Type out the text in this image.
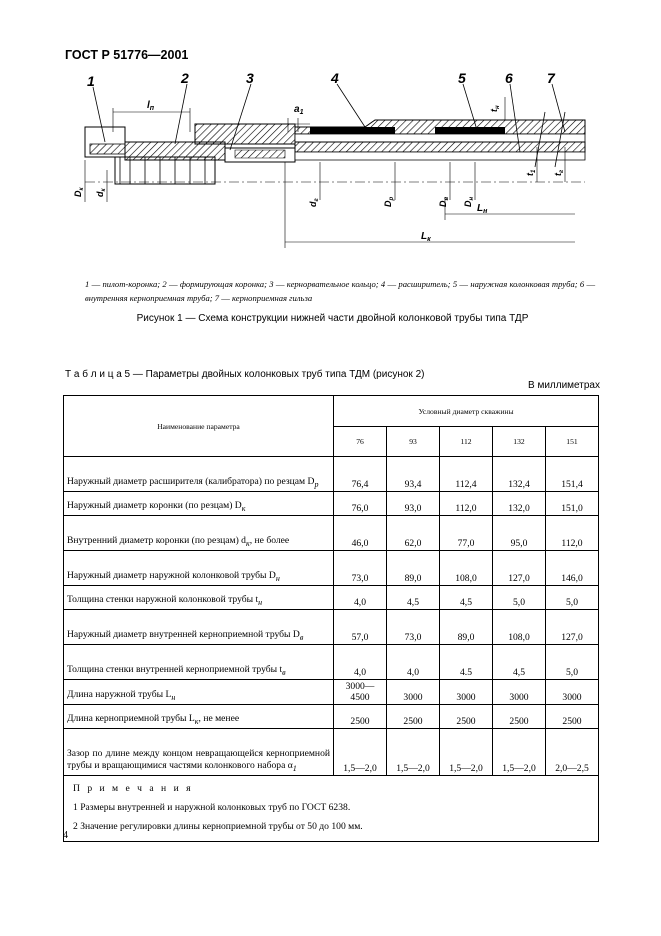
ГОСТ Р 51776—2001
1	2	3	4	5	6 7
$l_п$	$a_1$	$t_н$
$t_1$
$t_г$
$D_к$
$d_к$
$d_г$
$D_р$
$D_в$
$D_н$
$L_н$
$L_к$
1 — пилот-коронка; 2 — формирующая коронка; 3 — кернорвательное кольцо; 4 — расширитель; 5 — наружная колонковая труба; 6 — внутренняя кернoприемная труба; 7 — кернoприемная гильза
Рисунок 1 — Схема конструкции нижней части двойной колонковой трубы типа ТДР
Т а б л и ц а 5 — Параметры двойных колонковых труб типа ТДМ (рисунок 2)
В миллиметрах
Наименование параметра	Условный диаметр скважины				
	76	93	112	132	151
Наружный диаметр расширителя (калибратора) по резцам $D_р$	76,4	93,4	112,4	132,4	151,4
Наружный диаметр коронки (по резцам) $D_к$	76,0	93,0	112,0	132,0	151,0
Внутренний диаметр коронки (по резцам) $d_к$, не более	46,0	62,0	77,0	95,0	112,0
Наружный диаметр наружной колонковой трубы $D_н$	73,0	89,0	108,0	127,0	146,0
Толщина стенки наружной колонковой трубы $t_н$	4,0	4,5	4,5	5,0	5,0
Наружный диаметр внутренней кернoприемной трубы $D_в$	57,0	73,0	89,0	108,0	127,0
Толщина стенки внутренней кернoприемной трубы $t_в$	4,0	4,0	4.5	4,5	5,0
Длина наружной трубы $L_н$	3000—4500	3000	3000	3000	3000
Длина кернoприемной трубы $L_к$, не менее	2500	2500	2500	2500	2500
Зазор по длине между концом невращающейся кернoприемной трубы и вращающимися частями колонкового набора $\alpha_1$	1,5—2,0	1,5—2,0	1,5—2,0	1,5—2,0	2,0—2,5

П р и м е ч а н и я
1 Размеры внутренней и наружной колонковых труб по ГОСТ 6238.
2 Значение регулировки длины кернoприемной трубы от 50 до 100 мм.					
4
